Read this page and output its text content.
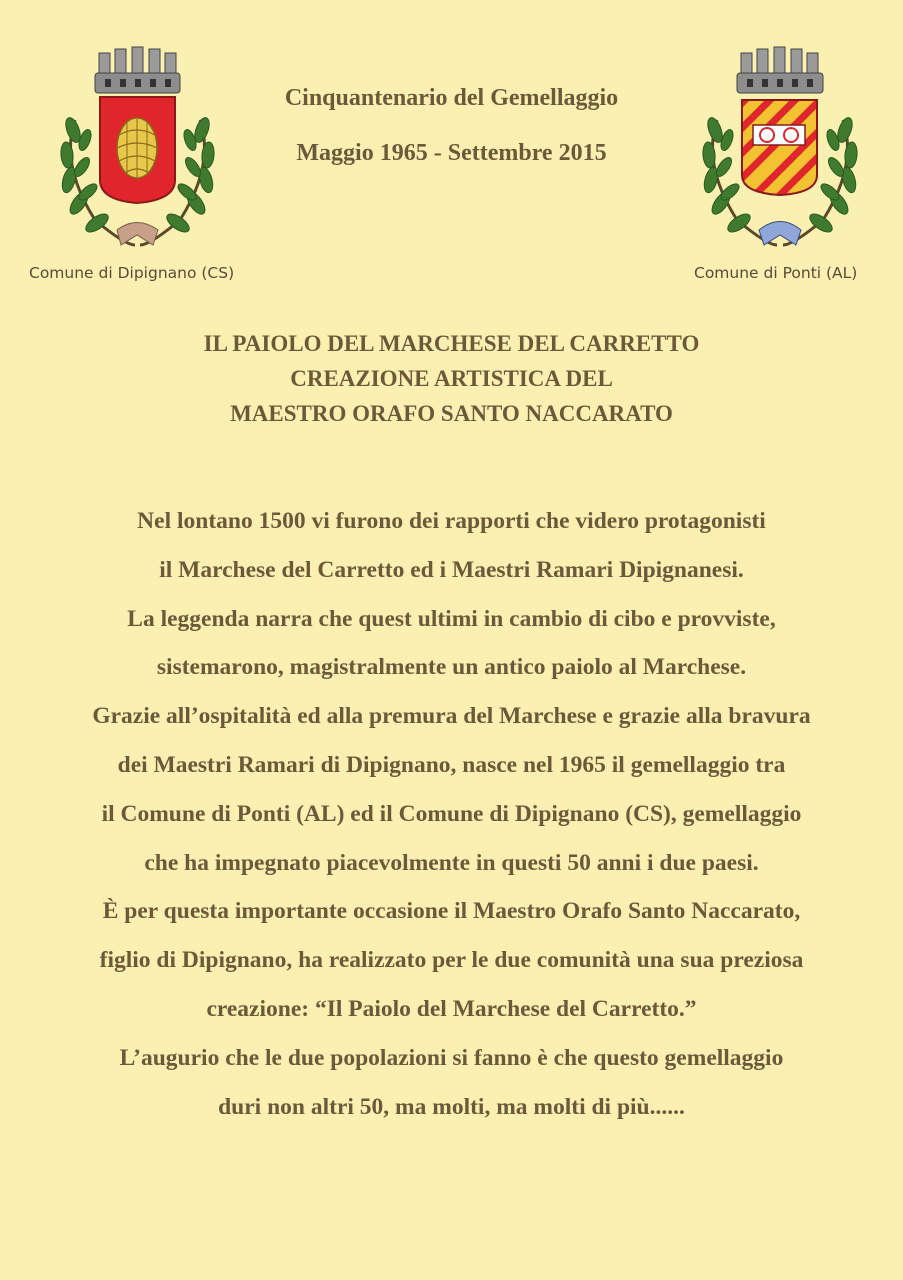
Comune di Dipignano (CS)	Comune di Ponti (AL)
Cinquantenario del Gemellaggio
Maggio 1965 - Settembre 2015
IL PAIOLO DEL MARCHESE DEL CARRETTO
CREAZIONE ARTISTICA DEL
MAESTRO ORAFO SANTO NACCARATO
Nel lontano 1500 vi furono dei rapporti che videro protagonisti
il Marchese del Carretto ed i Maestri Ramari Dipignanesi.
La leggenda narra che quest ultimi in cambio di cibo e provviste,
sistemarono, magistralmente un antico paiolo al Marchese.
Grazie all’ospitalità ed alla premura del Marchese e grazie alla bravura
dei Maestri Ramari di Dipignano, nasce nel 1965 il gemellaggio tra
il Comune di Ponti (AL) ed il Comune di Dipignano (CS), gemellaggio
che ha impegnato piacevolmente in questi 50 anni i due paesi.
È per questa importante occasione il Maestro Orafo Santo Naccarato,
figlio di Dipignano, ha realizzato per le due comunità una sua preziosa
creazione: “Il Paiolo del Marchese del Carretto.”
L’augurio che le due popolazioni si fanno è che questo gemellaggio
duri non altri 50, ma molti, ma molti di più......
